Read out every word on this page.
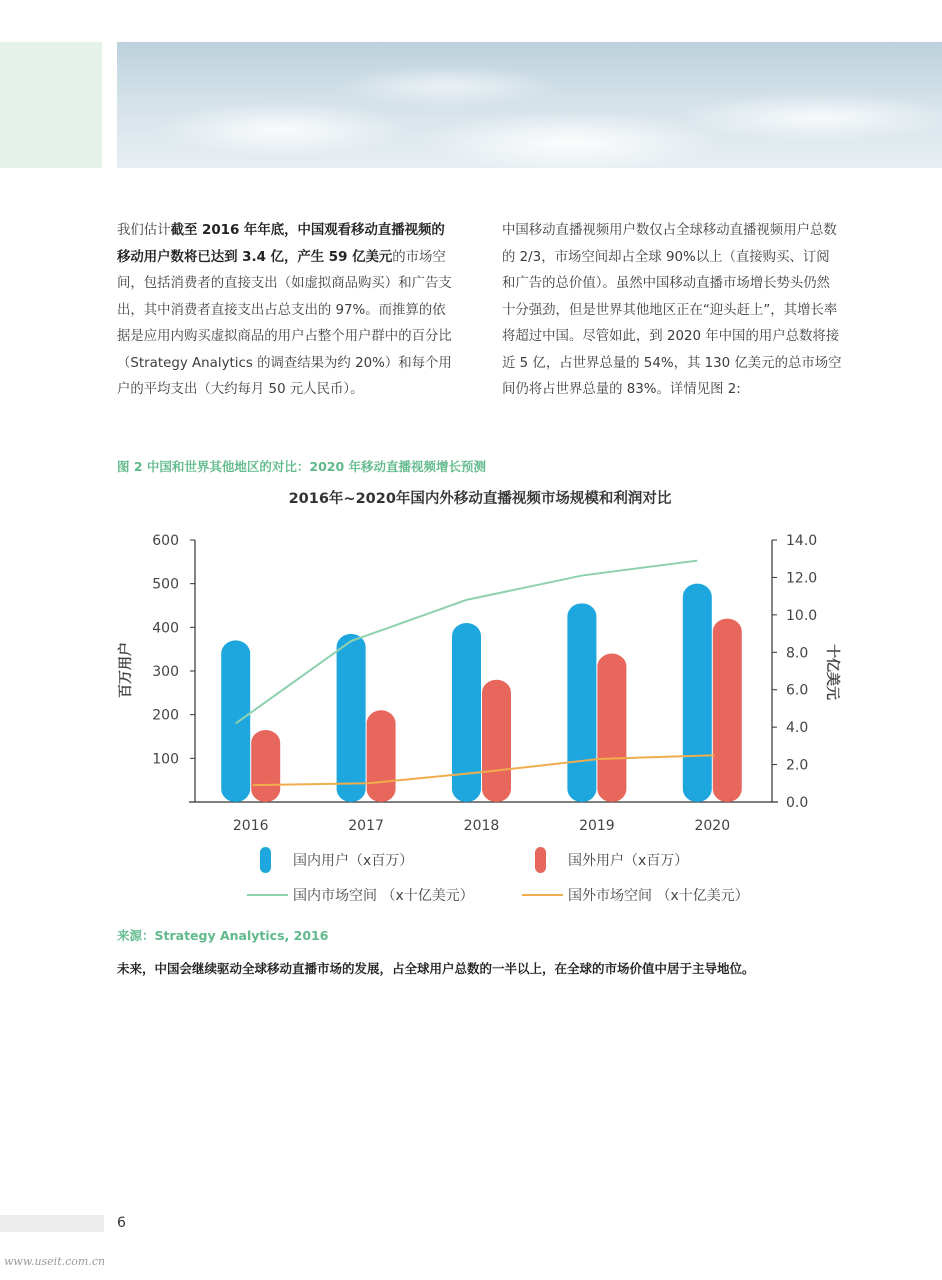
我们估计截至 2016 年年底，中国观看移动直播视频的移动用户数将已达到 3.4 亿，产生 59 亿美元的市场空间，包括消费者的直接支出（如虚拟商品购买）和广告支出，其中消费者直接支出占总支出的 97%。而推算的依据是应用内购买虚拟商品的用户占整个用户群中的百分比（Strategy Analytics 的调查结果为约 20%）和每个用户的平均支出（大约每月 50 元人民币）。

中国移动直播视频用户数仅占全球移动直播视频用户总数的 2/3，市场空间却占全球 90%以上（直接购买、订阅和广告的总价值）。虽然中国移动直播市场增长势头仍然十分强劲，但是世界其他地区正在“迎头赶上”，其增长率将超过中国。尽管如此，到 2020 年中国的用户总数将接近 5 亿，占世界总量的 54%，其 130 亿美元的总市场空间仍将占世界总量的 83%。详情见图 2:

图 2 中国和世界其他地区的对比：2020 年移动直播视频增长预测
2016年~2020年国内外移动直播视频市场规模和利润对比
100
200
300
400
500
600
0.0
2.0
4.0
6.0
8.0
10.0
12.0
14.0
百万用户	十亿美元
2016	2017	2018	2019	2020
国内用户（x百万）	国外用户（x百万）
国内市场空间 （x十亿美元）	国外市场空间 （x十亿美元）
来源：Strategy Analytics, 2016
未来，中国会继续驱动全球移动直播市场的发展，占全球用户总数的一半以上，在全球的市场价值中居于主导地位。
6
www.useit.com.cn
